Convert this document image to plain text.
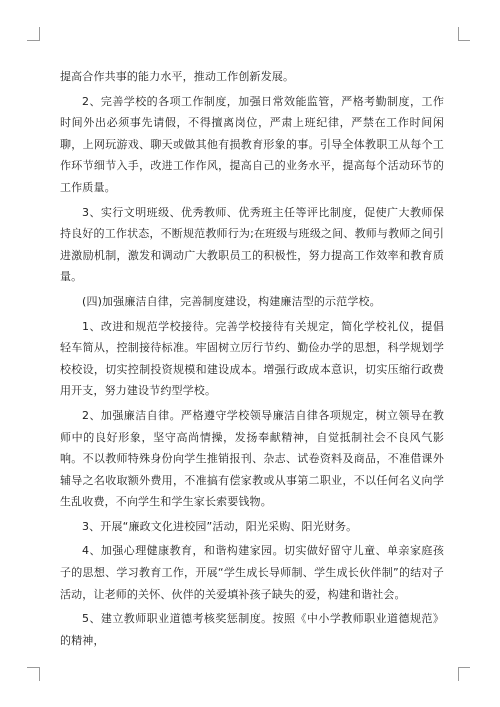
提高合作共事的能力水平，推动工作创新发展。

2、完善学校的各项工作制度，加强日常效能监管，严格考勤制度，工作时间外出必须事先请假，不得擅离岗位，严肃上班纪律，严禁在工作时间闲聊，上网玩游戏、聊天或做其他有损教育形象的事。引导全体教职工从每个工作环节细节入手，改进工作作风，提高自己的业务水平，提高每个活动环节的工作质量。

3、实行文明班级、优秀教师、优秀班主任等评比制度，促使广大教师保持良好的工作状态，不断规范教师行为;在班级与班级之间、教师与教师之间引进激励机制，激发和调动广大教职员工的积极性，努力提高工作效率和教育质量。

(四)加强廉洁自律，完善制度建设，构建廉洁型的示范学校。

1、改进和规范学校接待。完善学校接待有关规定，简化学校礼仪，提倡轻车简从，控制接待标准。牢固树立厉行节约、勤俭办学的思想，科学规划学校校设，切实控制投资规模和建设成本。增强行政成本意识，切实压缩行政费用开支，努力建设节约型学校。

2、加强廉洁自律。严格遵守学校领导廉洁自律各项规定，树立领导在教师中的良好形象，坚守高尚情操，发扬奉献精神，自觉抵制社会不良风气影响。不以教师特殊身份向学生推销报刊、杂志、试卷资料及商品，不准借课外辅导之名收取额外费用，不准搞有偿家教或从事第二职业，不以任何名义向学生乱收费，不向学生和学生家长索要钱物。

3、开展“廉政文化进校园”活动，阳光采购、阳光财务。

4、加强心理健康教育，和谐构建家园。切实做好留守儿童、单亲家庭孩子的思想、学习教育工作，开展“学生成长导师制、学生成长伙伴制”的结对子活动，让老师的关怀、伙伴的关爱填补孩子缺失的爱，构建和谐社会。

5、建立教师职业道德考核奖惩制度。按照《中小学教师职业道德规范》的精神，
